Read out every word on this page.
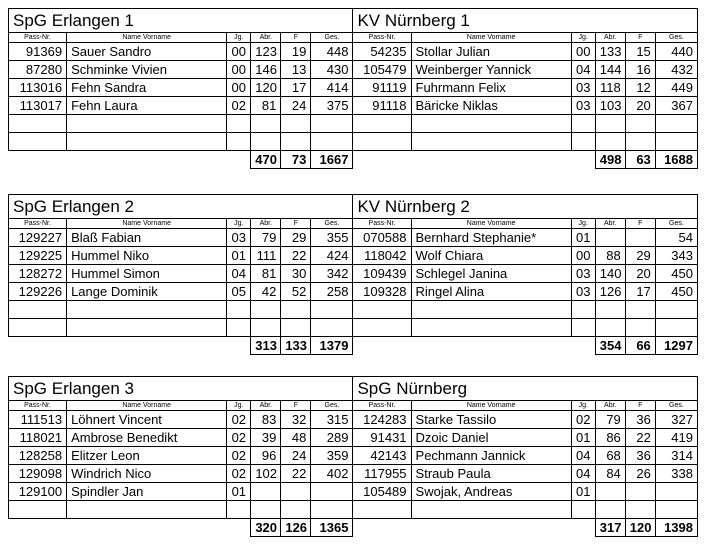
SpG Erlangen 1						KV Nürnberg 1					
Pass-Nr.	Name Vorname	Jg.	Abr.	F	Ges.	Pass-Nr.	Name Vorname	Jg.	Abr.	F	Ges.
91369	Sauer Sandro	00	123	19	448	54235	Stollar Julian	00	133	15	440
87280	Schminke Vivien	00	146	13	430	105479	Weinberger Yannick	04	144	16	432
113016	Fehn Sandra	00	120	17	414	91119	Fuhrmann Felix	03	118	12	449
113017	Fehn Laura	02	81	24	375	91118	Bäricke Niklas	03	103	20	367

			470	73	1667				498	63	1688
SpG Erlangen 2						KV Nürnberg 2					
Pass-Nr.	Name Vorname	Jg.	Abr.	F	Ges.	Pass-Nr.	Name Vorname	Jg.	Abr.	F	Ges.
129227	Blaß Fabian	03	79	29	355	070588	Bernhard Stephanie*	01			54
129225	Hummel Niko	01	111	22	424	118042	Wolf Chiara	00	88	29	343
128272	Hummel Simon	04	81	30	342	109439	Schlegel Janina	03	140	20	450
129226	Lange Dominik	05	42	52	258	109328	Ringel Alina	03	126	17	450

			313	133	1379				354	66	1297
SpG Erlangen 3						SpG Nürnberg					
Pass-Nr.	Name Vorname	Jg.	Abr.	F	Ges.	Pass-Nr.	Name Vorname	Jg.	Abr.	F	Ges.
111513	Löhnert Vincent	02	83	32	315	124283	Starke Tassilo	02	79	36	327
118021	Ambrose Benedikt	02	39	48	289	91431	Dzoic Daniel	01	86	22	419
128258	Elitzer Leon	02	96	24	359	42143	Pechmann Jannick	04	68	36	314
129098	Windrich Nico	02	102	22	402	117955	Straub Paula	04	84	26	338
129100	Spindler Jan	01				105489	Swojak, Andreas	01			

			320	126	1365				317	120	1398
